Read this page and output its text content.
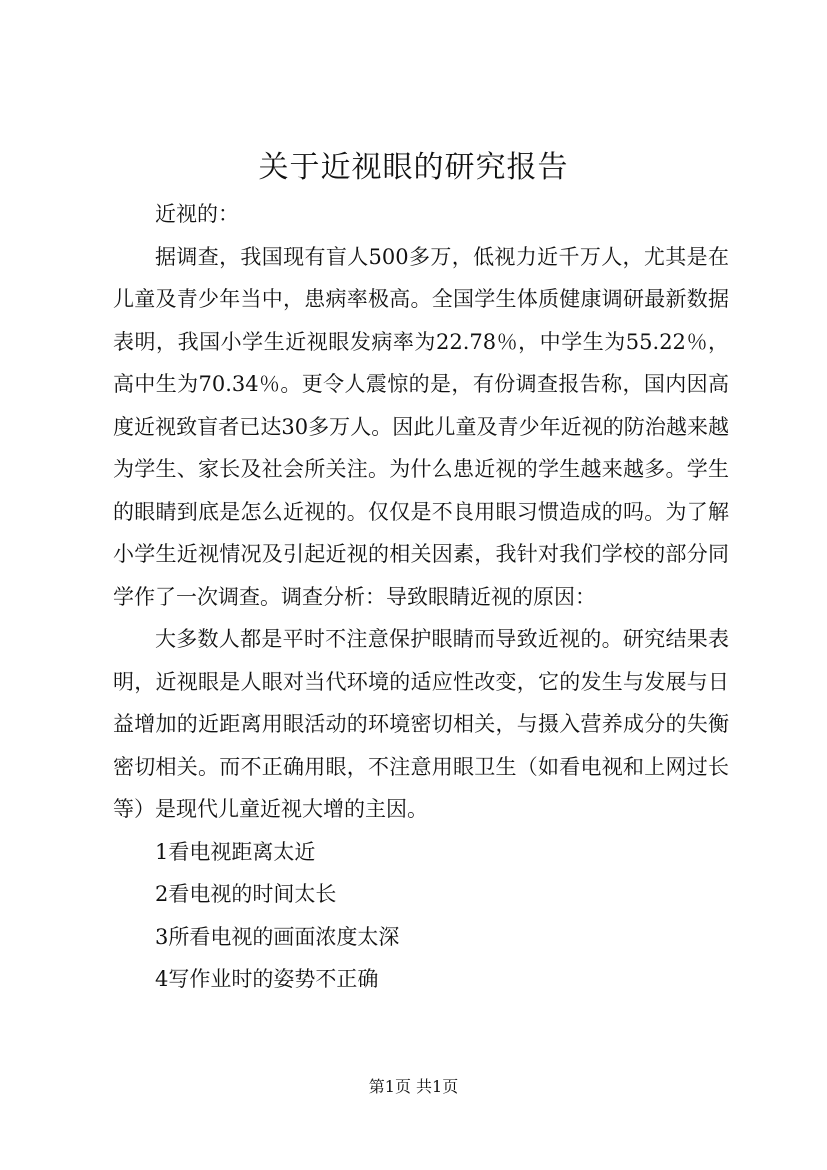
关于近视眼的研究报告

近视的：

据调查，我国现有盲人500多万，低视力近千万人，尤其是在儿童及青少年当中，患病率极高。全国学生体质健康调研最新数据表明，我国小学生近视眼发病率为22.78％，中学生为55.22％，高中生为70.34％。更令人震惊的是，有份调查报告称，国内因高度近视致盲者已达30多万人。因此儿童及青少年近视的防治越来越为学生、家长及社会所关注。为什么患近视的学生越来越多。学生的眼睛到底是怎么近视的。仅仅是不良用眼习惯造成的吗。为了解小学生近视情况及引起近视的相关因素，我针对我们学校的部分同学作了一次调查。调查分析：导致眼睛近视的原因：

大多数人都是平时不注意保护眼睛而导致近视的。研究结果表明，近视眼是人眼对当代环境的适应性改变，它的发生与发展与日益增加的近距离用眼活动的环境密切相关，与摄入营养成分的失衡密切相关。而不正确用眼，不注意用眼卫生（如看电视和上网过长等）是现代儿童近视大增的主因。

1看电视距离太近

2看电视的时间太长

3所看电视的画面浓度太深

4写作业时的姿势不正确

第1页 共1页
